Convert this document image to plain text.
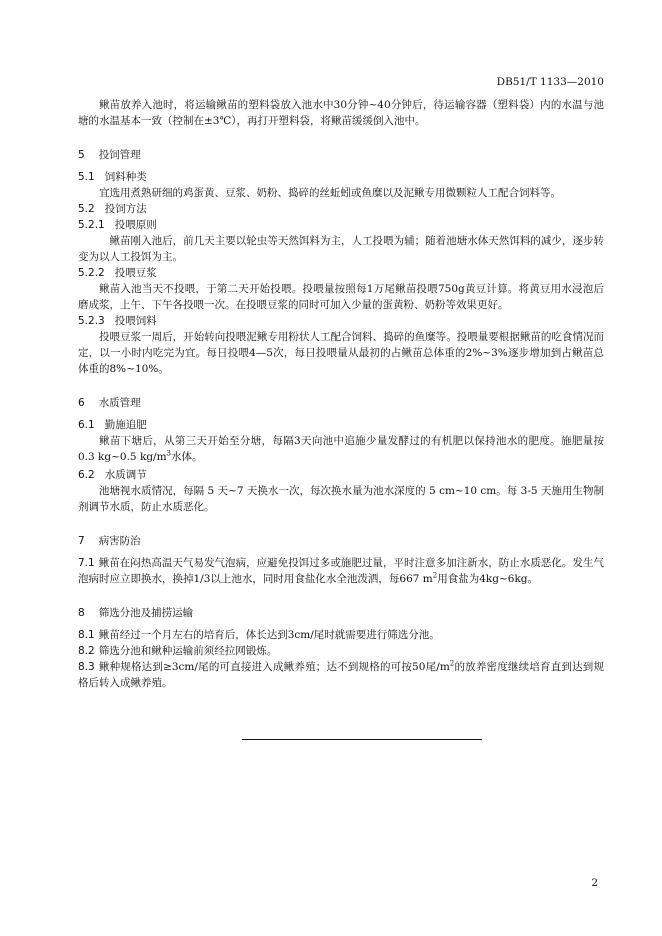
DB51/T 1133—2010

鳅苗放养入池时，将运输鳅苗的塑料袋放入池水中30分钟~40分钟后，待运输容器（塑料袋）内的水温与池塘的水温基本一致（控制在±3℃），再打开塑料袋，将鳅苗缓缓倒入池中。

5 投饲管理
5.1 饲料种类

宜选用煮熟研细的鸡蛋黄、豆浆、奶粉、捣碎的丝蚯蚓或鱼糜以及泥鳅专用微颗粒人工配合饲料等。

5.2 投饲方法
5.2.1 投喂原则

鳅苗刚入池后，前几天主要以轮虫等天然饵料为主，人工投喂为辅；随着池塘水体天然饵料的减少，逐步转变为以人工投饵为主。

5.2.2 投喂豆浆

鳅苗入池当天不投喂，于第二天开始投喂。投喂量按照每1万尾鳅苗投喂750g黄豆计算。将黄豆用水浸泡后磨成浆，上午、下午各投喂一次。在投喂豆浆的同时可加入少量的蛋黄粉、奶粉等效果更好。

5.2.3 投喂饲料

投喂豆浆一周后，开始转向投喂泥鳅专用粉状人工配合饲料、捣碎的鱼糜等。投喂量要根据鳅苗的吃食情况而定，以一小时内吃完为宜。每日投喂4—5次，每日投喂量从最初的占鳅苗总体重的2%~3%逐步增加到占鳅苗总体重的8%~10%。

6 水质管理
6.1 勤施追肥

鳅苗下塘后，从第三天开始至分塘，每隔3天向池中追施少量发酵过的有机肥以保持池水的肥度。施肥量按0.3 kg~0.5 $kg/m^3$水体。

6.2 水质调节

池塘视水质情况，每隔 5 天~7 天换水一次，每次换水量为池水深度的 5 cm~10 cm。每 3-5 天施用生物制剂调节水质，防止水质恶化。

7 病害防治

7.1 鳅苗在闷热高温天气易发气泡病，应避免投饵过多或施肥过量，平时注意多加注新水，防止水质恶化。发生气泡病时应立即换水，换掉1/3以上池水，同时用食盐化水全池泼洒，每667 $m^2$用食盐为4kg~6kg。

8 筛选分池及捕捞运输

8.1 鳅苗经过一个月左右的培育后，体长达到3cm/尾时就需要进行筛选分池。

8.2 筛选分池和鳅种运输前须经拉网锻炼。

8.3 鳅种规格达到≥3cm/尾的可直接进入成鳅养殖；达不到规格的可按50尾$/m^2$的放养密度继续培育直到达到规格后转入成鳅养殖。

2
